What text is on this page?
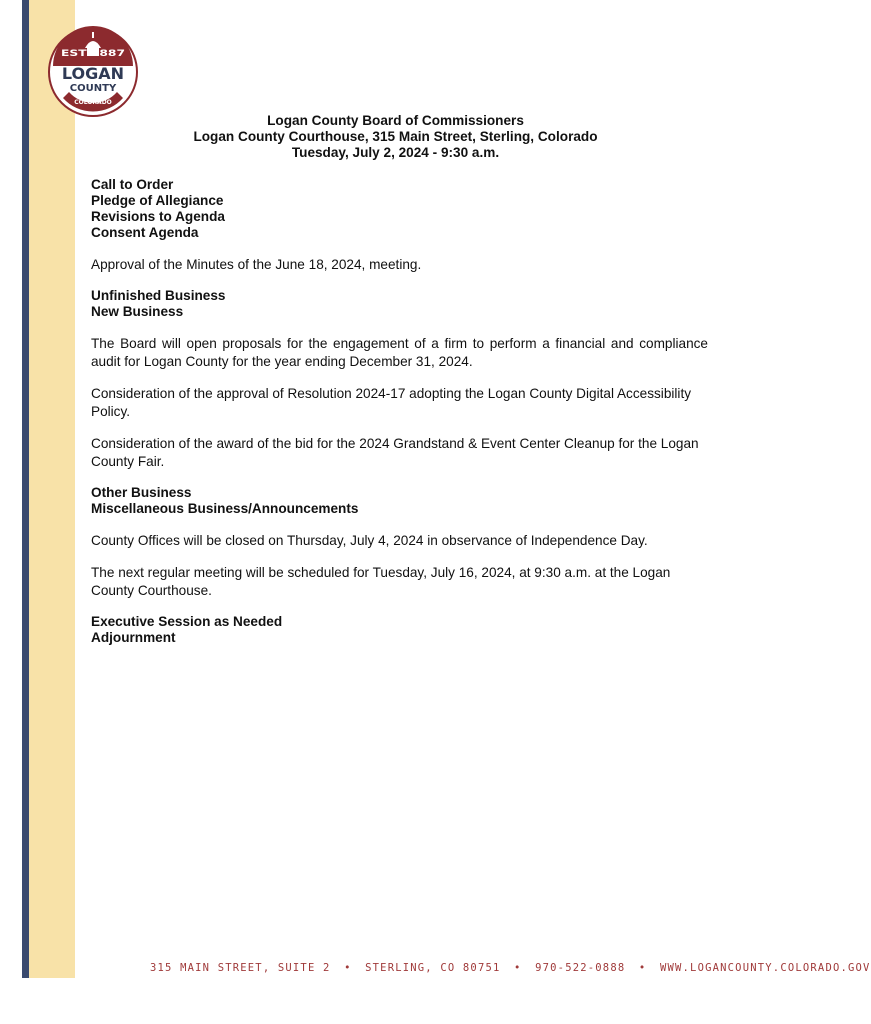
EST 1887
LOGAN
COUNTY
COLORADO
Logan County Board of Commissioners
Logan County Courthouse, 315 Main Street, Sterling, Colorado
Tuesday, July 2, 2024 - 9:30 a.m.
Call to Order
Pledge of Allegiance
Revisions to Agenda
Consent Agenda

Approval of the Minutes of the June 18, 2024, meeting.

Unfinished Business
New Business

The Board will open proposals for the engagement of a firm to perform a financial and compliance audit for Logan County for the year ending December 31, 2024.

Consideration of the approval of Resolution 2024-17 adopting the Logan County Digital Accessibility Policy.

Consideration of the award of the bid for the 2024 Grandstand & Event Center Cleanup for the Logan County Fair.

Other Business
Miscellaneous Business/Announcements

County Offices will be closed on Thursday, July 4, 2024 in observance of Independence Day.

The next regular meeting will be scheduled for Tuesday, July 16, 2024, at 9:30 a.m. at the Logan County Courthouse.

Executive Session as Needed
Adjournment
315 MAIN STREET, SUITE 2 • STERLING, CO 80751 • 970-522-0888 • WWW.LOGANCOUNTY.COLORADO.GOV
